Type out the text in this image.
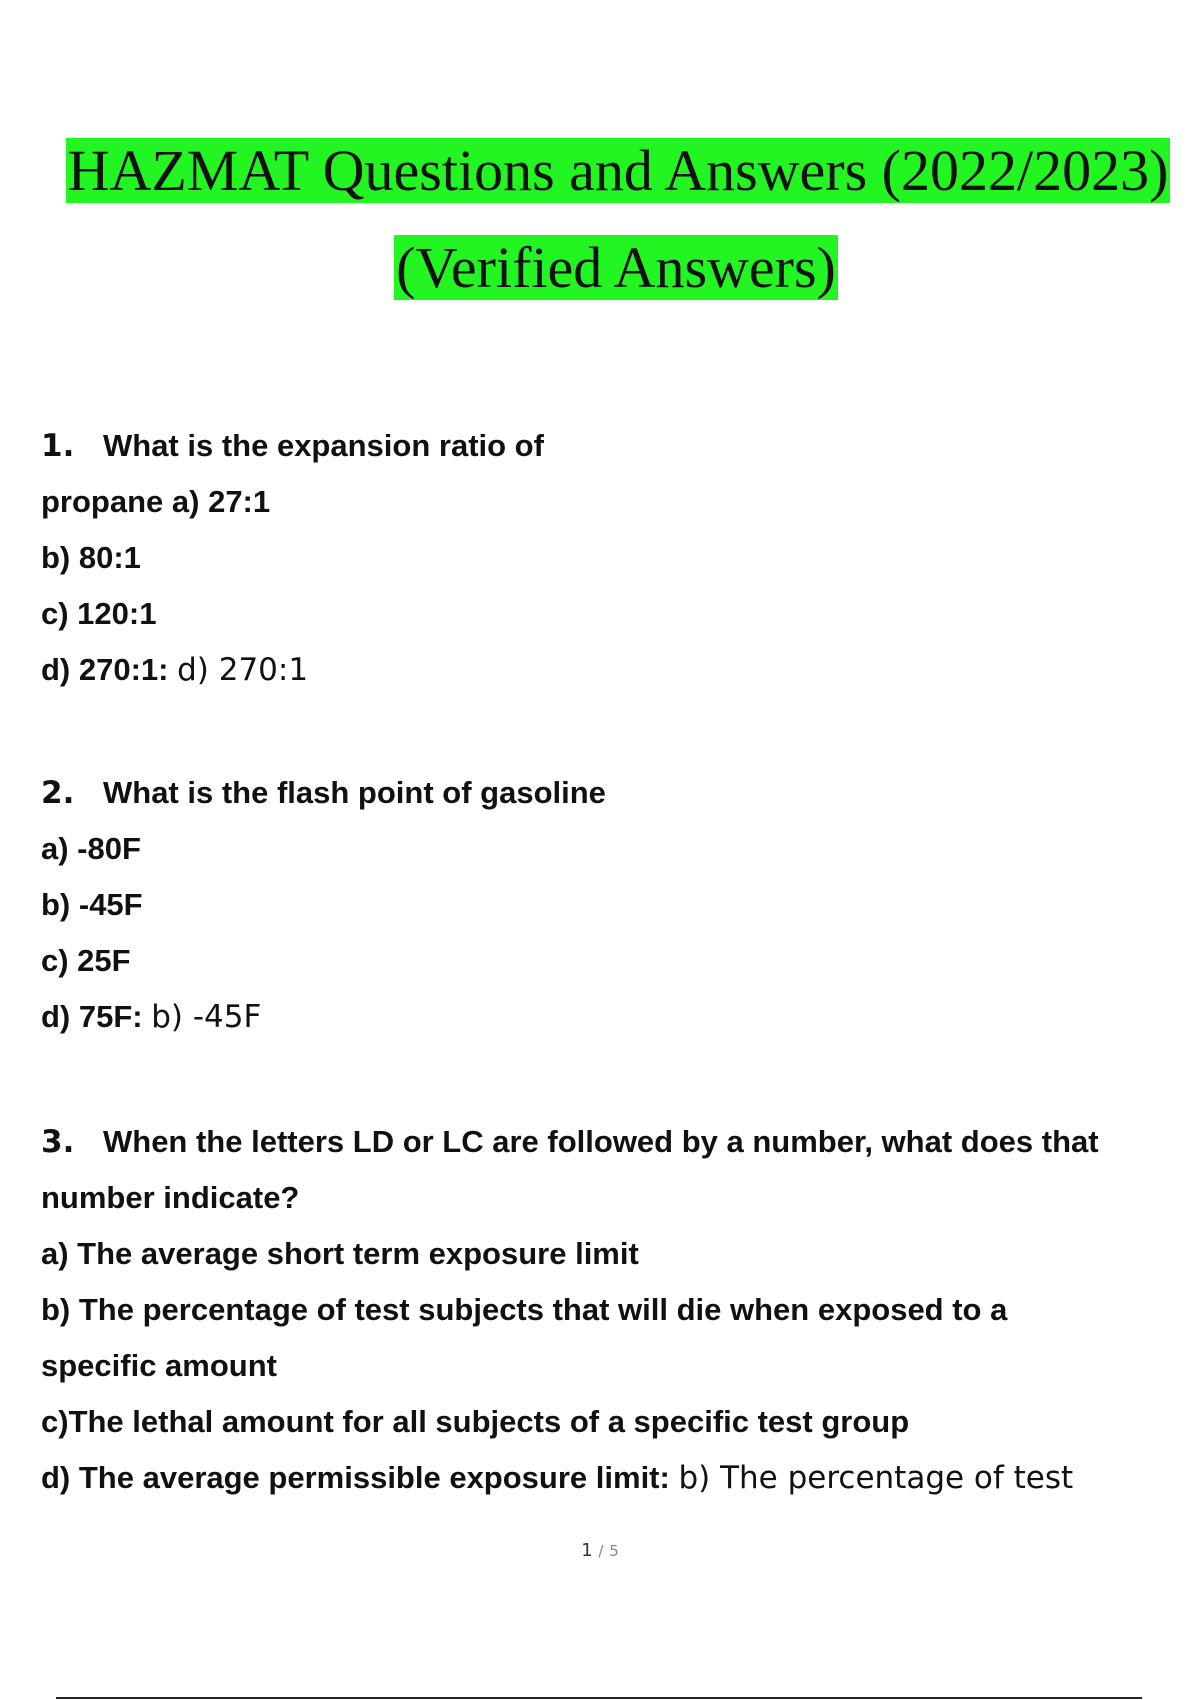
HAZMAT Questions and Answers (2022/2023)
(Verified Answers)
1. What is the expansion ratio of
propane a) 27:1
b) 80:1
c) 120:1
d) 270:1: d) 270:1
2. What is the flash point of gasoline
a) -80F
b) -45F
c) 25F
d) 75F: b) -45F
3. When the letters LD or LC are followed by a number, what does that
number indicate?
a) The average short term exposure limit
b) The percentage of test subjects that will die when exposed to a
specific amount
c)The lethal amount for all subjects of a specific test group
d) The average permissible exposure limit: b) The percentage of test
1 / 5
